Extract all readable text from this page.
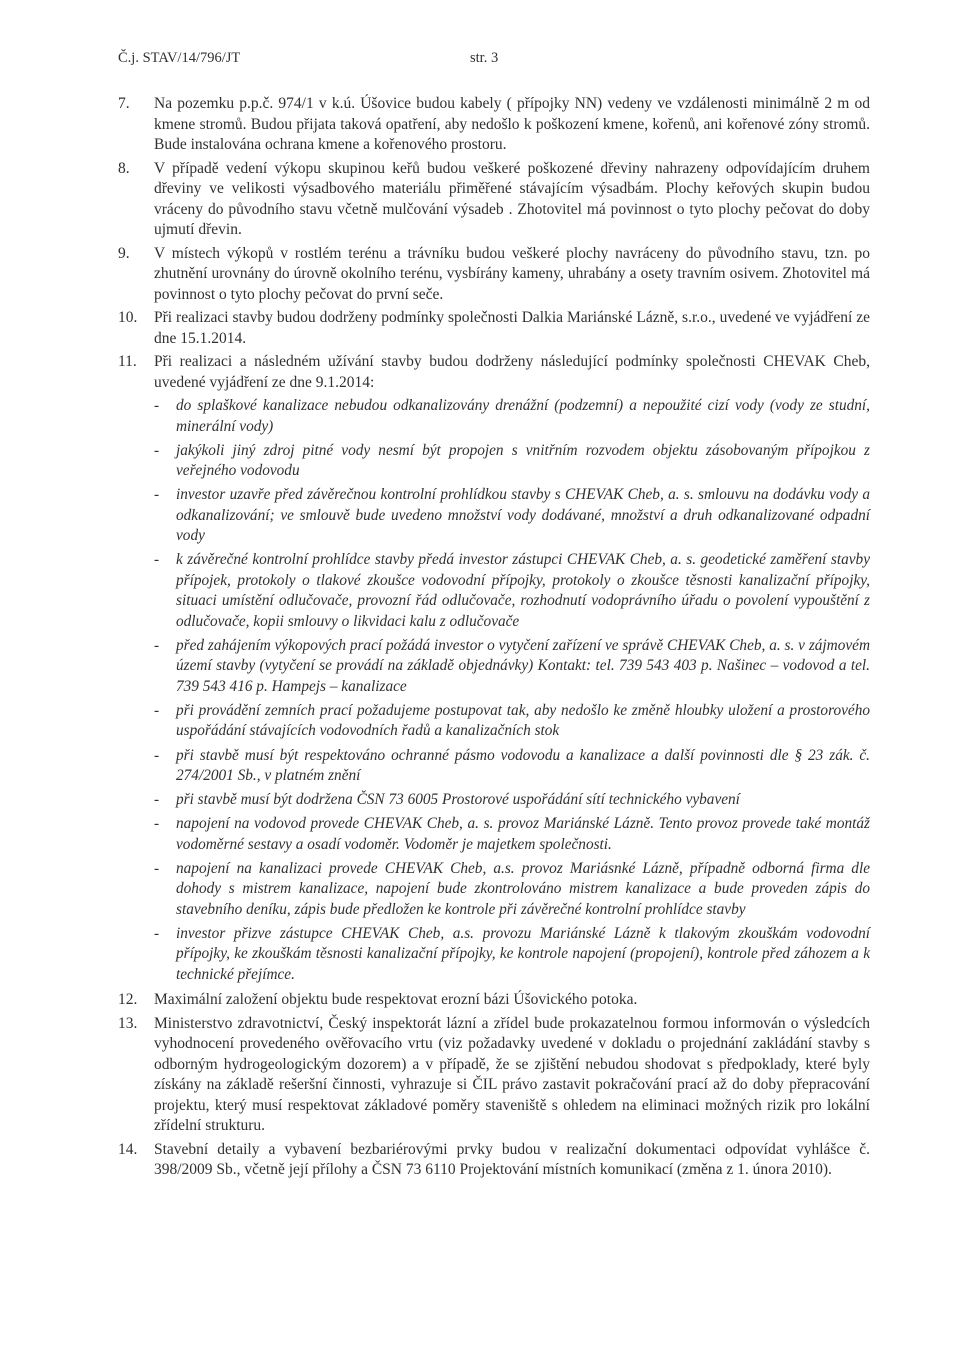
Č.j. STAV/14/796/JT	str. 3
7. Na pozemku p.p.č. 974/1 v k.ú. Úšovice budou kabely ( přípojky NN) vedeny ve vzdálenosti minimálně 2 m od kmene stromů. Budou přijata taková opatření, aby nedošlo k poškození kmene, kořenů, ani kořenové zóny stromů. Bude instalována ochrana kmene a kořenového prostoru.
8. V případě vedení výkopu skupinou keřů budou veškeré poškozené dřeviny nahrazeny odpovídajícím druhem dřeviny ve velikosti výsadbového materiálu přiměřené stávajícím výsadbám. Plochy keřových skupin budou vráceny do původního stavu včetně mulčování výsadeb . Zhotovitel má povinnost o tyto plochy pečovat do doby ujmutí dřevin.
9. V místech výkopů v rostlém terénu a trávníku budou veškeré plochy navráceny do původního stavu, tzn. po zhutnění urovnány do úrovně okolního terénu, vysbírány kameny, uhrabány a osety travním osivem. Zhotovitel má povinnost o tyto plochy pečovat do první seče.
10. Při realizaci stavby budou dodrženy podmínky společnosti Dalkia Mariánské Lázně, s.r.o., uvedené ve vyjádření ze dne 15.1.2014.
11. Při realizaci a následném užívání stavby budou dodrženy následující podmínky společnosti CHEVAK Cheb, uvedené vyjádření ze dne 9.1.2014:
- do splaškové kanalizace nebudou odkanalizovány drenážní (podzemní) a nepoužité cizí vody (vody ze studní, minerální vody)
- jakýkoli jiný zdroj pitné vody nesmí být propojen s vnitřním rozvodem objektu zásobovaným přípojkou z veřejného vodovodu
- investor uzavře před závěrečnou kontrolní prohlídkou stavby s CHEVAK Cheb, a. s. smlouvu na dodávku vody a odkanalizování; ve smlouvě bude uvedeno množství vody dodávané, množství a druh odkanalizované odpadní vody
- k závěrečné kontrolní prohlídce stavby předá investor zástupci CHEVAK Cheb, a. s. geodetické zaměření stavby přípojek, protokoly o tlakové zkoušce vodovodní přípojky, protokoly o zkoušce těsnosti kanalizační přípojky, situaci umístění odlučovače, provozní řád odlučovače, rozhodnutí vodoprávního úřadu o povolení vypouštění z odlučovače, kopii smlouvy o likvidaci kalu z odlučovače
- před zahájením výkopových prací požádá investor o vytyčení zařízení ve správě CHEVAK Cheb, a. s. v zájmovém území stavby (vytyčení se provádí na základě objednávky) Kontakt: tel. 739 543 403 p. Našinec – vodovod a tel. 739 543 416 p. Hampejs – kanalizace
- při provádění zemních prací požadujeme postupovat tak, aby nedošlo ke změně hloubky uložení a prostorového uspořádání stávajících vodovodních řadů a kanalizačních stok
- při stavbě musí být respektováno ochranné pásmo vodovodu a kanalizace a další povinnosti dle § 23 zák. č. 274/2001 Sb., v platném znění
- při stavbě musí být dodržena ČSN 73 6005 Prostorové uspořádání sítí technického vybavení
- napojení na vodovod provede CHEVAK Cheb, a. s. provoz Mariánské Lázně. Tento provoz provede také montáž vodoměrné sestavy a osadí vodoměr. Vodoměr je majetkem společnosti.
- napojení na kanalizaci provede CHEVAK Cheb, a.s. provoz Mariásnké Lázně, případně odborná firma dle dohody s mistrem kanalizace, napojení bude zkontrolováno mistrem kanalizace a bude proveden zápis do stavebního deníku, zápis bude předložen ke kontrole při závěrečné kontrolní prohlídce stavby
- investor přizve zástupce CHEVAK Cheb, a.s. provozu Mariánské Lázně k tlakovým zkouškám vodovodní přípojky, ke zkouškám těsnosti kanalizační přípojky, ke kontrole napojení (propojení), kontrole před záhozem a k technické přejímce.
12. Maximální založení objektu bude respektovat erozní bázi Úšovického potoka.
13. Ministerstvo zdravotnictví, Český inspektorát lázní a zřídel bude prokazatelnou formou informován o výsledcích vyhodnocení provedeného ověřovacího vrtu (viz požadavky uvedené v dokladu o projednání zakládání stavby s odborným hydrogeologickým dozorem) a v případě, že se zjištění nebudou shodovat s předpoklady, které byly získány na základě rešeršní činnosti, vyhrazuje si ČIL právo zastavit pokračování prací až do doby přepracování projektu, který musí respektovat základové poměry staveniště s ohledem na eliminaci možných rizik pro lokální zřídelní strukturu.
14. Stavební detaily a vybavení bezbariérovými prvky budou v realizační dokumentaci odpovídat vyhlášce č. 398/2009 Sb., včetně její přílohy a ČSN 73 6110 Projektování místních komunikací (změna z 1. února 2010).
